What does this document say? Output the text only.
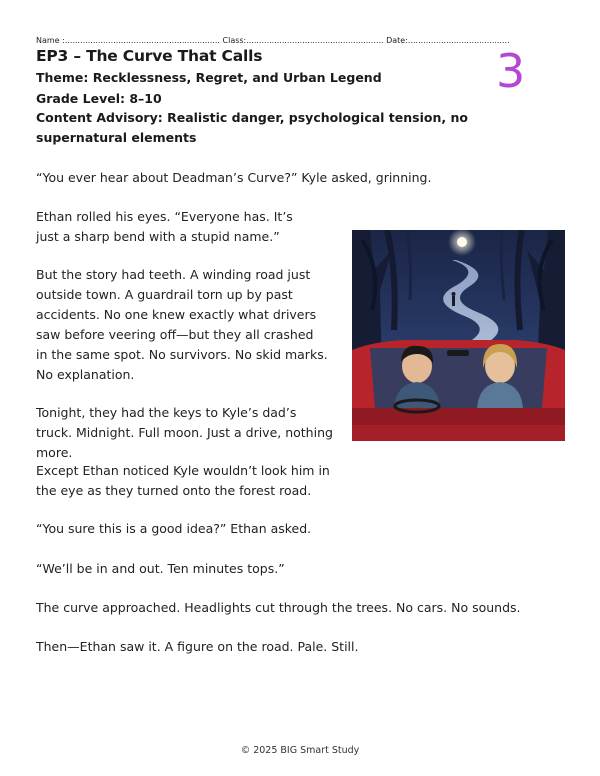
Name :............................................................. Class:...................................................... Date:........................................
EP3 – The Curve That Calls
Theme: Recklessness, Regret, and Urban Legend
Grade Level: 8–10
Content Advisory: Realistic danger, psychological tension, no supernatural elements
3

“You ever hear about Deadman’s Curve?” Kyle asked, grinning.

Ethan rolled his eyes. “Everyone has. It’s just a sharp bend with a stupid name.”

But the story had teeth. A winding road just outside town. A guardrail torn up by past accidents. No one knew exactly what drivers saw before veering off—but they all crashed in the same spot. No survivors. No skid marks. No explanation.

Tonight, they had the keys to Kyle’s dad’s truck. Midnight. Full moon. Just a drive, nothing more.

Except Ethan noticed Kyle wouldn’t look him in the eye as they turned onto the forest road.

“You sure this is a good idea?” Ethan asked.

“We’ll be in and out. Ten minutes tops.”

The curve approached. Headlights cut through the trees. No cars. No sounds.

Then—Ethan saw it. A figure on the road. Pale. Still.

© 2025 BIG Smart Study
